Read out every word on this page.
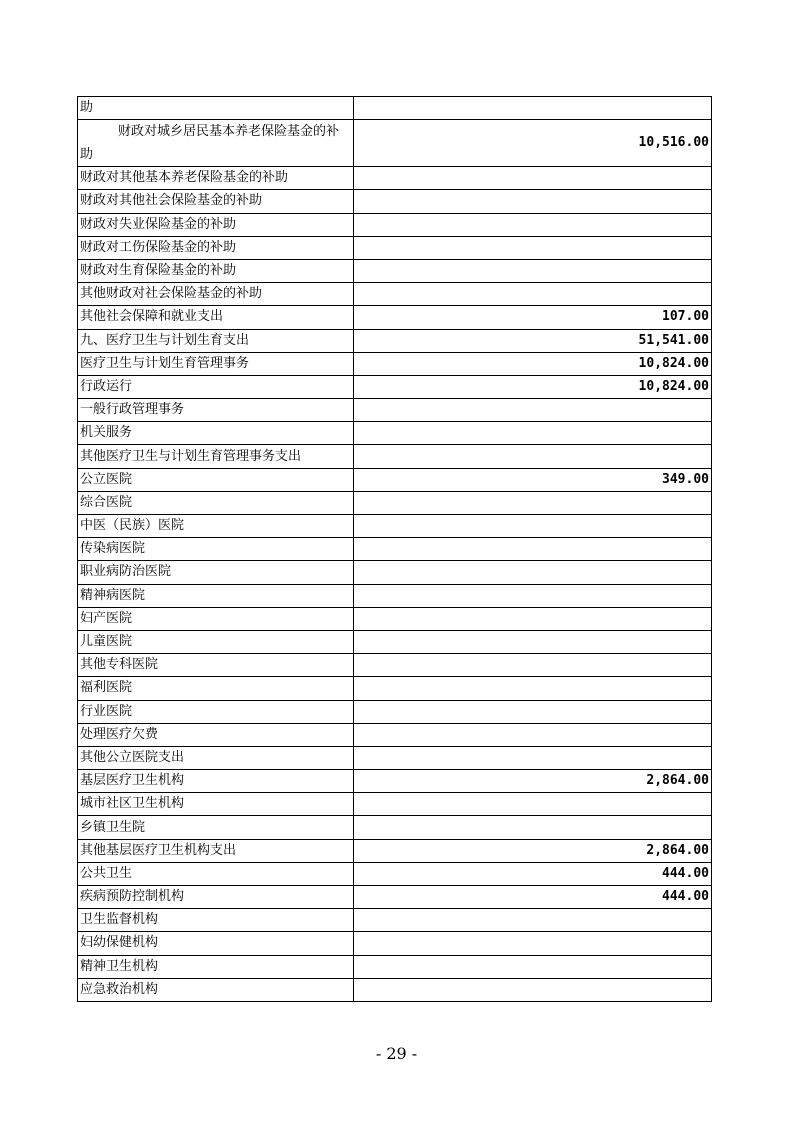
助	
财政对城乡居民基本养老保险基金的补助	10,516.00
财政对其他基本养老保险基金的补助	
财政对其他社会保险基金的补助	
财政对失业保险基金的补助	
财政对工伤保险基金的补助	
财政对生育保险基金的补助	
其他财政对社会保险基金的补助	
其他社会保障和就业支出	107.00
九、医疗卫生与计划生育支出	51,541.00
医疗卫生与计划生育管理事务	10,824.00
行政运行	10,824.00
一般行政管理事务	
机关服务	
其他医疗卫生与计划生育管理事务支出	
公立医院	349.00
综合医院	
中医（民族）医院	
传染病医院	
职业病防治医院	
精神病医院	
妇产医院	
儿童医院	
其他专科医院	
福利医院	
行业医院	
处理医疗欠费	
其他公立医院支出	
基层医疗卫生机构	2,864.00
城市社区卫生机构	
乡镇卫生院	
其他基层医疗卫生机构支出	2,864.00
公共卫生	444.00
疾病预防控制机构	444.00
卫生监督机构	
妇幼保健机构	
精神卫生机构	
应急救治机构	
- 29 -
